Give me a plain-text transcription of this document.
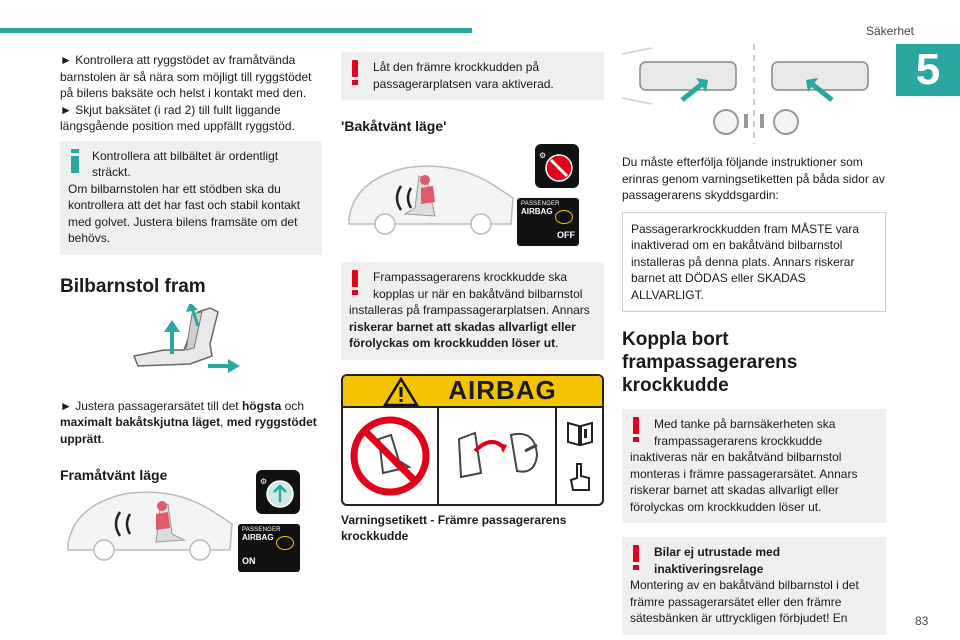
Säkerhet
5

► Kontrollera att ryggstödet av framåtvända barnstolen är så nära som möjligt till ryggstödet på bilens baksäte och helst i kontakt med den.

► Skjut baksätet (i rad 2) till fullt liggande längsgående position med uppfällt ryggstöd.

Kontrollera att bilbältet är ordentligt sträckt.

Om bilbarnstolen har ett stödben ska du kontrollera att det har fast och stabil kontakt med golvet. Justera bilens framsäte om det behövs.

Bilbarnstol fram

► Justera passagerarsätet till det högsta och maximalt bakåtskjutna läget, med ryggstödet upprätt.

Framåtvänt läge	⚙
PASSENGER
AIRBAG
ON

Låt den främre krockkudden på passagerarplatsen vara aktiverad.

'Bakåtvänt läge'
⚙
PASSENGER
AIRBAG
OFF

Frampassagerarens krockkudde ska kopplas ur när en bakåtvänd bilbarnstol

installeras på frampassagerarplatsen. Annars riskerar barnet att skadas allvarligt eller förolyckas om krockkudden löser ut.

AIRBAG

Varningsetikett - Främre passagerarens krockkudde

Du måste efterfölja följande instruktioner som erinras genom varningsetiketten på båda sidor av passagerarens skyddsgardin:

Passagerarkrockkudden fram MÅSTE vara inaktiverad om en bakåtvänd bilbarnstol installeras på denna plats. Annars riskerar barnet att DÖDAS eller SKADAS ALLVARLIGT.

Koppla bort frampassagerarens krockkudde

Med tanke på barnsäkerheten ska frampassagerarens krockkudde

inaktiveras när en bakåtvänd bilbarnstol monteras i främre passagerarsätet. Annars riskerar barnet att skadas allvarligt eller förolyckas om krockkudden löser ut.

Bilar ej utrustade med inaktiveringsrelage

Montering av en bakåtvänd bilbarnstol i det främre passagerarsätet eller den främre sätesbänken är uttryckligen förbjudet! En	83
